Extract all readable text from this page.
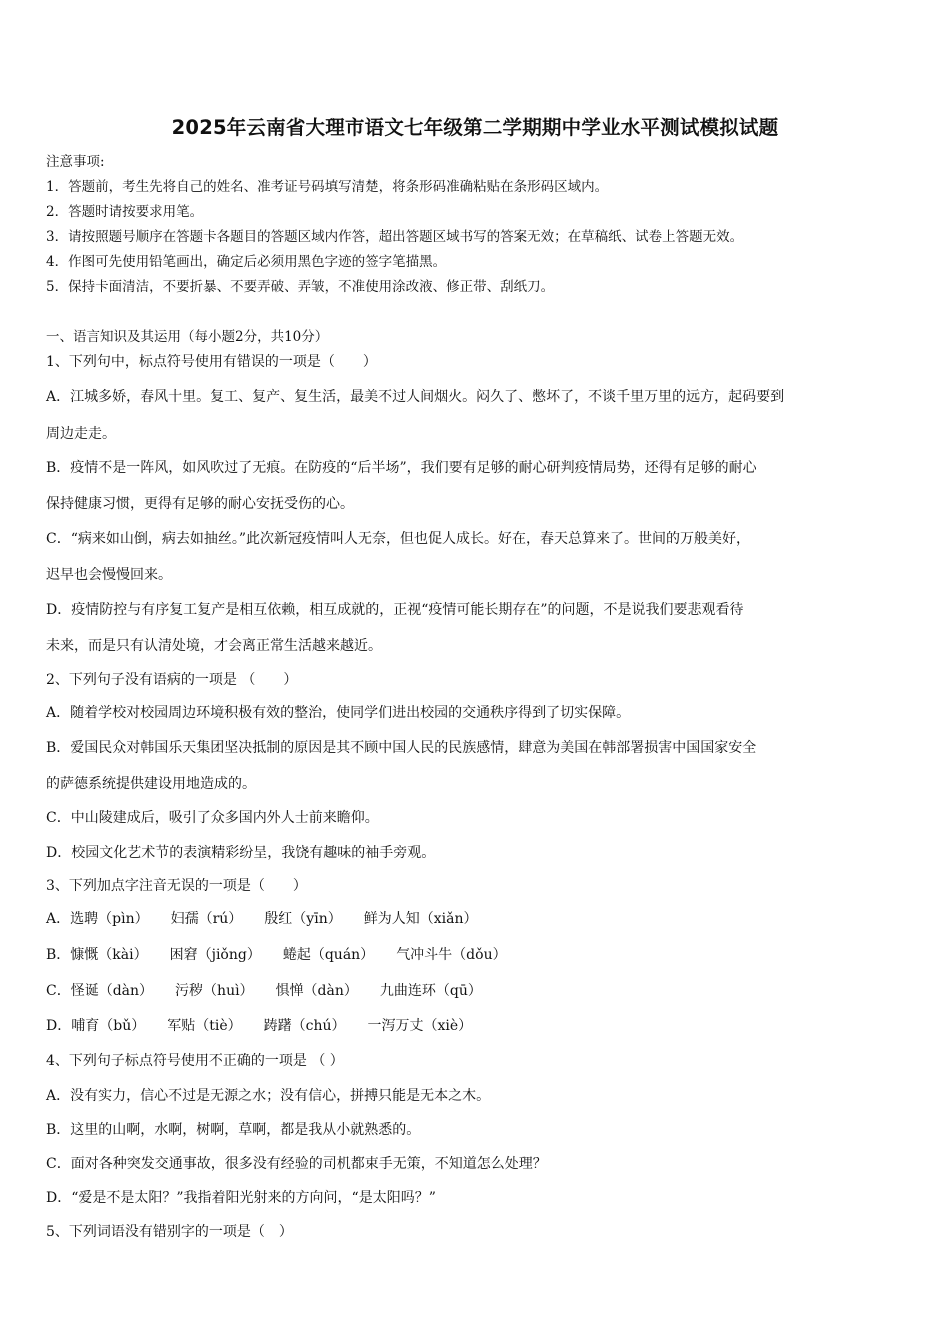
2025年云南省大理市语文七年级第二学期期中学业水平测试模拟试题
注意事项:
1．答题前，考生先将自己的姓名、准考证号码填写清楚，将条形码准确粘贴在条形码区域内。
2．答题时请按要求用笔。
3．请按照题号顺序在答题卡各题目的答题区域内作答，超出答题区域书写的答案无效；在草稿纸、试卷上答题无效。
4．作图可先使用铅笔画出，确定后必须用黑色字迹的签字笔描黑。
5．保持卡面清洁，不要折暴、不要弄破、弄皱，不准使用涂改液、修正带、刮纸刀。
一、语言知识及其运用（每小题2分，共10分）
1、下列句中，标点符号使用有错误的一项是（　　）
A．江城多娇，春风十里。复工、复产、复生活，最美不过人间烟火。闷久了、憋坏了，不谈千里万里的远方，起码要到
周边走走。
B．疫情不是一阵风，如风吹过了无痕。在防疫的“后半场”，我们要有足够的耐心研判疫情局势，还得有足够的耐心
保持健康习惯，更得有足够的耐心安抚受伤的心。
C．“病来如山倒，病去如抽丝。”此次新冠疫情叫人无奈，但也促人成长。好在，春天总算来了。世间的万般美好，
迟早也会慢慢回来。
D．疫情防控与有序复工复产是相互依赖，相互成就的，正视“疫情可能长期存在”的问题，不是说我们要悲观看待
未来，而是只有认清处境，才会离正常生活越来越近。
2、下列句子没有语病的一项是 （　　）
A．随着学校对校园周边环境积极有效的整治，使同学们进出校园的交通秩序得到了切实保障。
B．爱国民众对韩国乐天集团坚决抵制的原因是其不顾中国人民的民族感情，肆意为美国在韩部署损害中国国家安全
的萨德系统提供建设用地造成的。
C．中山陵建成后，吸引了众多国内外人士前来瞻仰。
D．校园文化艺术节的表演精彩纷呈，我饶有趣味的袖手旁观。
3、下列加点字注音无误的一项是（　　）
A．选聘（pìn） 妇孺（rú） 殷红（yīn） 鲜为人知（xiǎn）
B．慷慨（kài） 困窘（jiǒng） 蜷起（quán） 气冲斗牛（dǒu）
C．怪诞（dàn） 污秽（huì） 惧惮（dàn） 九曲连环（qū）
D．哺育（bǔ） 军贴（tiè） 踌躇（chú） 一泻万丈（xiè）
4、下列句子标点符号使用不正确的一项是 （ ）
A．没有实力，信心不过是无源之水；没有信心，拼搏只能是无本之木。
B．这里的山啊，水啊，树啊，草啊，都是我从小就熟悉的。
C．面对各种突发交通事故，很多没有经验的司机都束手无策，不知道怎么处理？
D．“爱是不是太阳？”我指着阳光射来的方向问，“是太阳吗？”
5、下列词语没有错别字的一项是（　）
